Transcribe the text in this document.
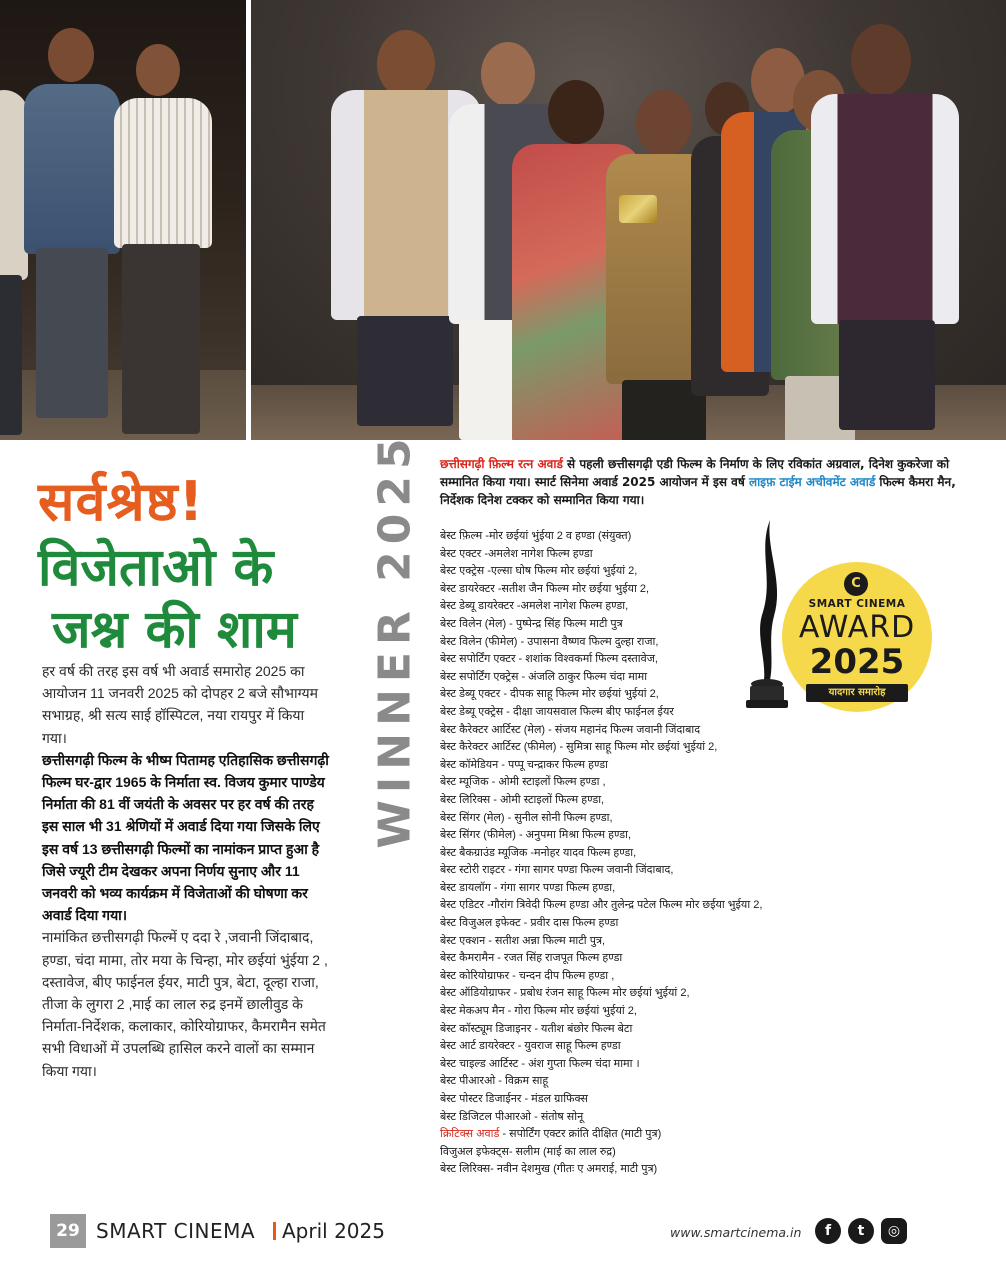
सर्वश्रेष्ठ!
विजेताओ के
जश्न की शाम

हर वर्ष की तरह इस वर्ष भी अवार्ड समारोह 2025 का आयोजन 11 जनवरी 2025 को दोपहर 2 बजे सौभाग्यम सभाग्रह, श्री सत्य साई हॉस्पिटल, नया रायपुर में किया गया।

छत्तीसगढ़ी फिल्म के भीष्म पितामह एतिहासिक छत्तीसगढ़ी फिल्म घर-द्वार 1965 के निर्माता स्व. विजय कुमार पाण्डेय निर्माता की 81 वीं जयंती के अवसर पर हर वर्ष की तरह इस साल भी 31 श्रेणियों में अवार्ड दिया गया जिसके लिए इस वर्ष 13 छत्तीसगढ़ी फिल्मों का नामांकन प्राप्त हुआ है जिसे ज्यूरी टीम देखकर अपना निर्णय सुनाए और 11 जनवरी को भव्य कार्यक्रम में विजेताओं की घोषणा कर अवार्ड दिया गया।

नामांकित छत्तीसगढ़ी फिल्में ए ददा रे ,जवानी जिंदाबाद, हण्डा, चंदा मामा, तोर मया के चिन्हा, मोर छईयां भुंईया 2 , दस्तावेज, बीए फाईनल ईयर, माटी पुत्र, बेटा, दूल्हा राजा, तीजा के लुगरा 2 ,माई का लाल रुद्र इनमें छालीवुड के निर्माता-निर्देशक, कलाकार, कोरियोग्राफर, कैमरामैन समेत सभी विधाओं में उपलब्धि हासिल करने वालों का सम्मान किया गया।

WINNER 2025 छत्तीसगढ़ी फ़िल्म रत्न अवार्ड से पहली छत्तीसगढ़ी एडी फिल्म के निर्माण के लिए रविकांत अग्रवाल, दिनेश कुकरेजा को सम्मानित किया गया। स्मार्ट सिनेमा अवार्ड 2025 आयोजन में इस वर्ष लाइफ़ टाईम अचीवमेंट अवार्ड फिल्म कैमरा मैन, निर्देशक दिनेश टक्कर को सम्मानित किया गया।
बेस्ट फ़िल्म -मोर छईयां भुंईया 2 व हण्डा (संयुक्त)
बेस्ट एक्टर -अमलेश नागेश फिल्म हण्डा
बेस्ट एक्ट्रेस -एल्सा घोष फिल्म मोर छईयां भुईयां 2,
बेस्ट डायरेक्टर -सतीश जैन फिल्म मोर छईया भुईया 2,
बेस्ट डेब्यू डायरेक्टर -अमलेश नागेश फिल्म हण्डा,
बेस्ट विलेन (मेल) - पुष्पेन्द्र सिंह फिल्म माटी पुत्र
बेस्ट विलेन (फीमेल) - उपासना वैष्णव फिल्म दुल्हा राजा,
बेस्ट सपोर्टिंग एक्टर - शशांक विश्वकर्मा फिल्म दस्तावेज,
बेस्ट सपोर्टिंग एक्ट्रेस - अंजलि ठाकुर फिल्म चंदा मामा
बेस्ट डेब्यू एक्टर - दीपक साहू फिल्म मोर छईयां भुईयां 2,
बेस्ट डेब्यू एक्ट्रेस - दीक्षा जायसवाल फिल्म बीए फाईनल ईयर
बेस्ट कैरेक्टर आर्टिस्ट (मेल) - संजय महानंद फिल्म जवानी जिंदाबाद
बेस्ट कैरेक्टर आर्टिस्ट (फीमेल) - सुमित्रा साहू फिल्म मोर छईयां भुईयां 2,
बेस्ट कॉमेडियन - पप्पू चन्द्राकर फिल्म हण्डा
बेस्ट म्यूजिक - ओमी स्टाइलों फिल्म हण्डा ,
बेस्ट लिरिक्स - ओमी स्टाइलों फिल्म हण्डा,
बेस्ट सिंगर (मेल) - सुनील सोनी फिल्म हण्डा,
बेस्ट सिंगर (फीमेल) - अनुपमा मिश्रा फिल्म हण्डा,
बेस्ट बैकग्राउंड म्यूजिक -मनोहर यादव फिल्म हण्डा,
बेस्ट स्टोरी राइटर - गंगा सागर पण्डा फिल्म जवानी जिंदाबाद,
बेस्ट डायलॉग - गंगा सागर पण्डा फिल्म हण्डा,
बेस्ट एडिटर -गौरांग त्रिवेदी फिल्म हण्डा और तुलेन्द्र पटेल फिल्म मोर छईया भुईया 2,
बेस्ट विजुअल इफेक्ट - प्रवीर दास फिल्म हण्डा
बेस्ट एक्शन - सतीश अन्ना फिल्म माटी पुत्र,
बेस्ट कैमरामैन - रजत सिंह राजपूत फिल्म हण्डा
बेस्ट कोरियोग्राफर - चन्दन दीप फिल्म हण्डा ,
बेस्ट ऑडियोग्राफर - प्रबोध रंजन साहू फिल्म मोर छईयां भुईयां 2,
बेस्ट मेकअप मैन - गोरा फिल्म मोर छईयां भुईयां 2,
बेस्ट कॉस्ट्यूम डिजाइनर - यतीश बंछोर फिल्म बेटा
बेस्ट आर्ट डायरेक्टर - युवराज साहू फिल्म हण्डा
बेस्ट चाइल्ड आर्टिस्ट - अंश गुप्ता फिल्म चंदा मामा ।
बेस्ट पीआरओ - विक्रम साहू
बेस्ट पोस्टर डिजाईनर - मंडल ग्राफिक्स
बेस्ट डिजिटल पीआरओ - संतोष सोनू
क्रिटिक्स अवार्ड - सपोर्टिंग एक्टर क्रांति दीक्षित (माटी पुत्र)
विजुअल इफेक्ट्स- सलीम (माई का लाल रुद्र)
बेस्ट लिरिक्स- नवीन देशमुख (गीतः ए अमराई, माटी पुत्र)
C
SMART CINEMA
AWARD
2025
यादगार समारोह
29 SMART CINEMA April 2025	www.smartcinema.in	f	t	◎
